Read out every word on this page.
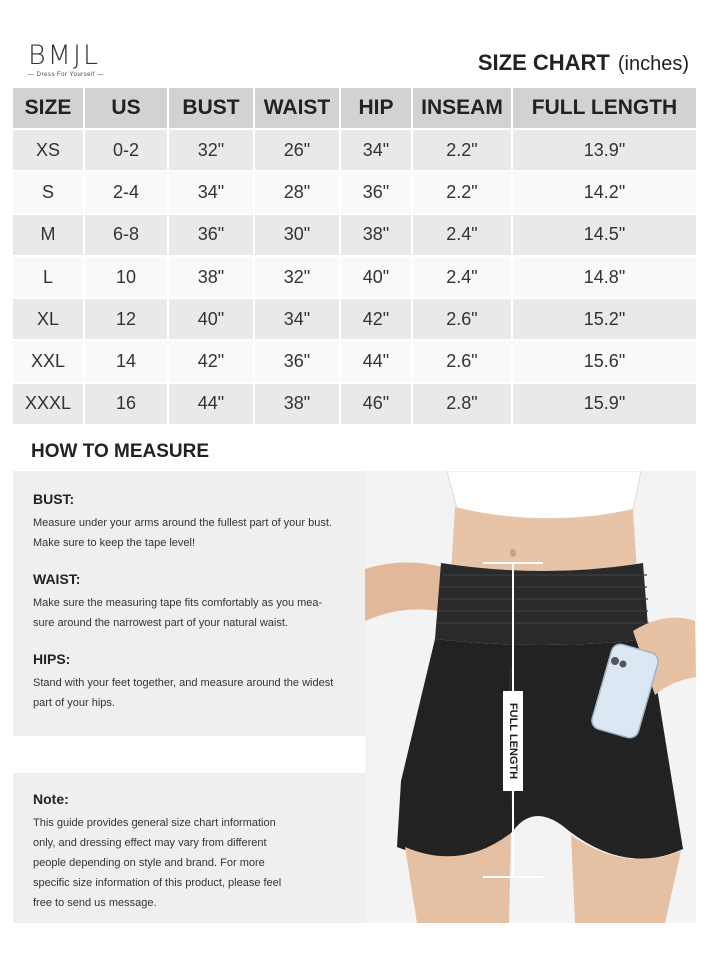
BMJL
— Dress For Yourself —	SIZE CHART (inches)
SIZE	US	BUST	WAIST	HIP	INSEAM	FULL LENGTH
XS	0-2	32"	26"	34"	2.2"	13.9"
S	2-4	34"	28"	36"	2.2"	14.2"
M	6-8	36"	30"	38"	2.4"	14.5"
L	10	38"	32"	40"	2.4"	14.8"
XL	12	40"	34"	42"	2.6"	15.2"
XXL	14	42"	36"	44"	2.6"	15.6"
XXXL	16	44"	38"	46"	2.8"	15.9"
HOW TO MEASURE
BUST:

Measure under your arms around the fullest part of your bust.

Make sure to keep the tape level!

WAIST:

Make sure the measuring tape fits comfortably as you mea-

sure around the narrowest part of your natural waist.

HIPS:

Stand with your feet together, and measure around the widest

part of your hips.

Note:

This guide provides general size chart information

only, and dressing effect may vary from different

people depending on style and brand. For more

specific size information of this product, please feel

free to send us message.

FULL LENGTH
